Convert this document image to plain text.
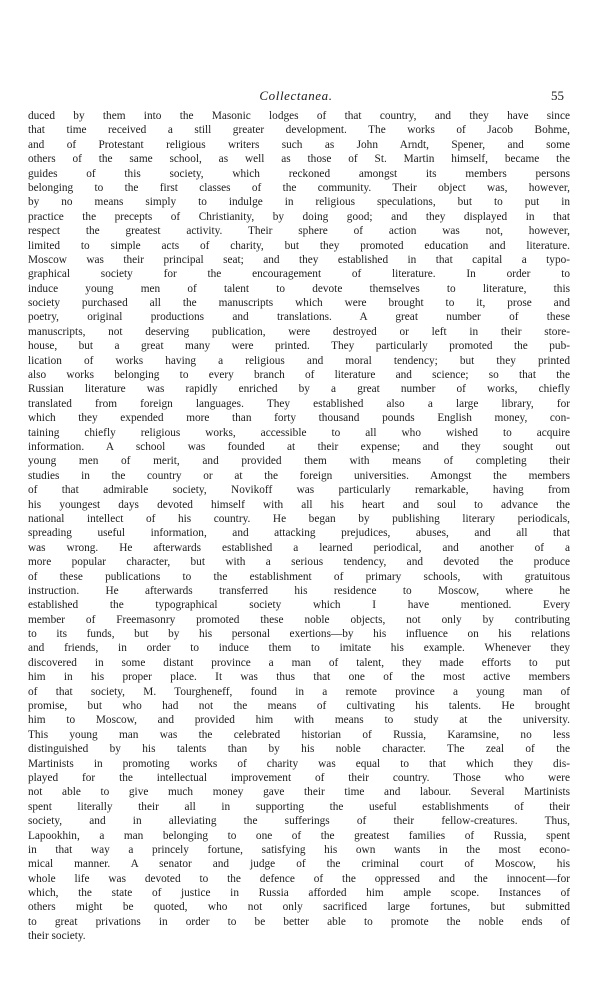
Collectanea.	55
duced by them into the Masonic lodges of that country, and they have since
that time received a still greater development. The works of Jacob Bohme,
and of Protestant religious writers such as John Arndt, Spener, and some
others of the same school, as well as those of St. Martin himself, became the
guides of this society, which reckoned amongst its members persons
belonging to the first classes of the community. Their object was, however,
by no means simply to indulge in religious speculations, but to put in
practice the precepts of Christianity, by doing good; and they displayed in that
respect the greatest activity. Their sphere of action was not, however,
limited to simple acts of charity, but they promoted education and literature.
Moscow was their principal seat; and they established in that capital a typo-
graphical society for the encouragement of literature. In order to
induce young men of talent to devote themselves to literature, this
society purchased all the manuscripts which were brought to it, prose and
poetry, original productions and translations. A great number of these
manuscripts, not deserving publication, were destroyed or left in their store-
house, but a great many were printed. They particularly promoted the pub-
lication of works having a religious and moral tendency; but they printed
also works belonging to every branch of literature and science; so that the
Russian literature was rapidly enriched by a great number of works, chiefly
translated from foreign languages. They established also a large library, for
which they expended more than forty thousand pounds English money, con-
taining chiefly religious works, accessible to all who wished to acquire
information. A school was founded at their expense; and they sought out
young men of merit, and provided them with means of completing their
studies in the country or at the foreign universities. Amongst the members
of that admirable society, Novikoff was particularly remarkable, having from
his youngest days devoted himself with all his heart and soul to advance the
national intellect of his country. He began by publishing literary periodicals,
spreading useful information, and attacking prejudices, abuses, and all that
was wrong. He afterwards established a learned periodical, and another of a
more popular character, but with a serious tendency, and devoted the produce
of these publications to the establishment of primary schools, with gratuitous
instruction. He afterwards transferred his residence to Moscow, where he
established the typographical society which I have mentioned. Every
member of Freemasonry promoted these noble objects, not only by contributing
to its funds, but by his personal exertions—by his influence on his relations
and friends, in order to induce them to imitate his example. Whenever they
discovered in some distant province a man of talent, they made efforts to put
him in his proper place. It was thus that one of the most active members
of that society, M. Tourgheneff, found in a remote province a young man of
promise, but who had not the means of cultivating his talents. He brought
him to Moscow, and provided him with means to study at the university.
This young man was the celebrated historian of Russia, Karamsine, no less
distinguished by his talents than by his noble character. The zeal of the
Martinists in promoting works of charity was equal to that which they dis-
played for the intellectual improvement of their country. Those who were
not able to give much money gave their time and labour. Several Martinists
spent literally their all in supporting the useful establishments of their
society, and in alleviating the sufferings of their fellow-creatures. Thus,
Lapookhin, a man belonging to one of the greatest families of Russia, spent
in that way a princely fortune, satisfying his own wants in the most econo-
mical manner. A senator and judge of the criminal court of Moscow, his
whole life was devoted to the defence of the oppressed and the innocent—for
which, the state of justice in Russia afforded him ample scope. Instances of
others might be quoted, who not only sacrificed large fortunes, but submitted
to great privations in order to be better able to promote the noble ends of
their society.
